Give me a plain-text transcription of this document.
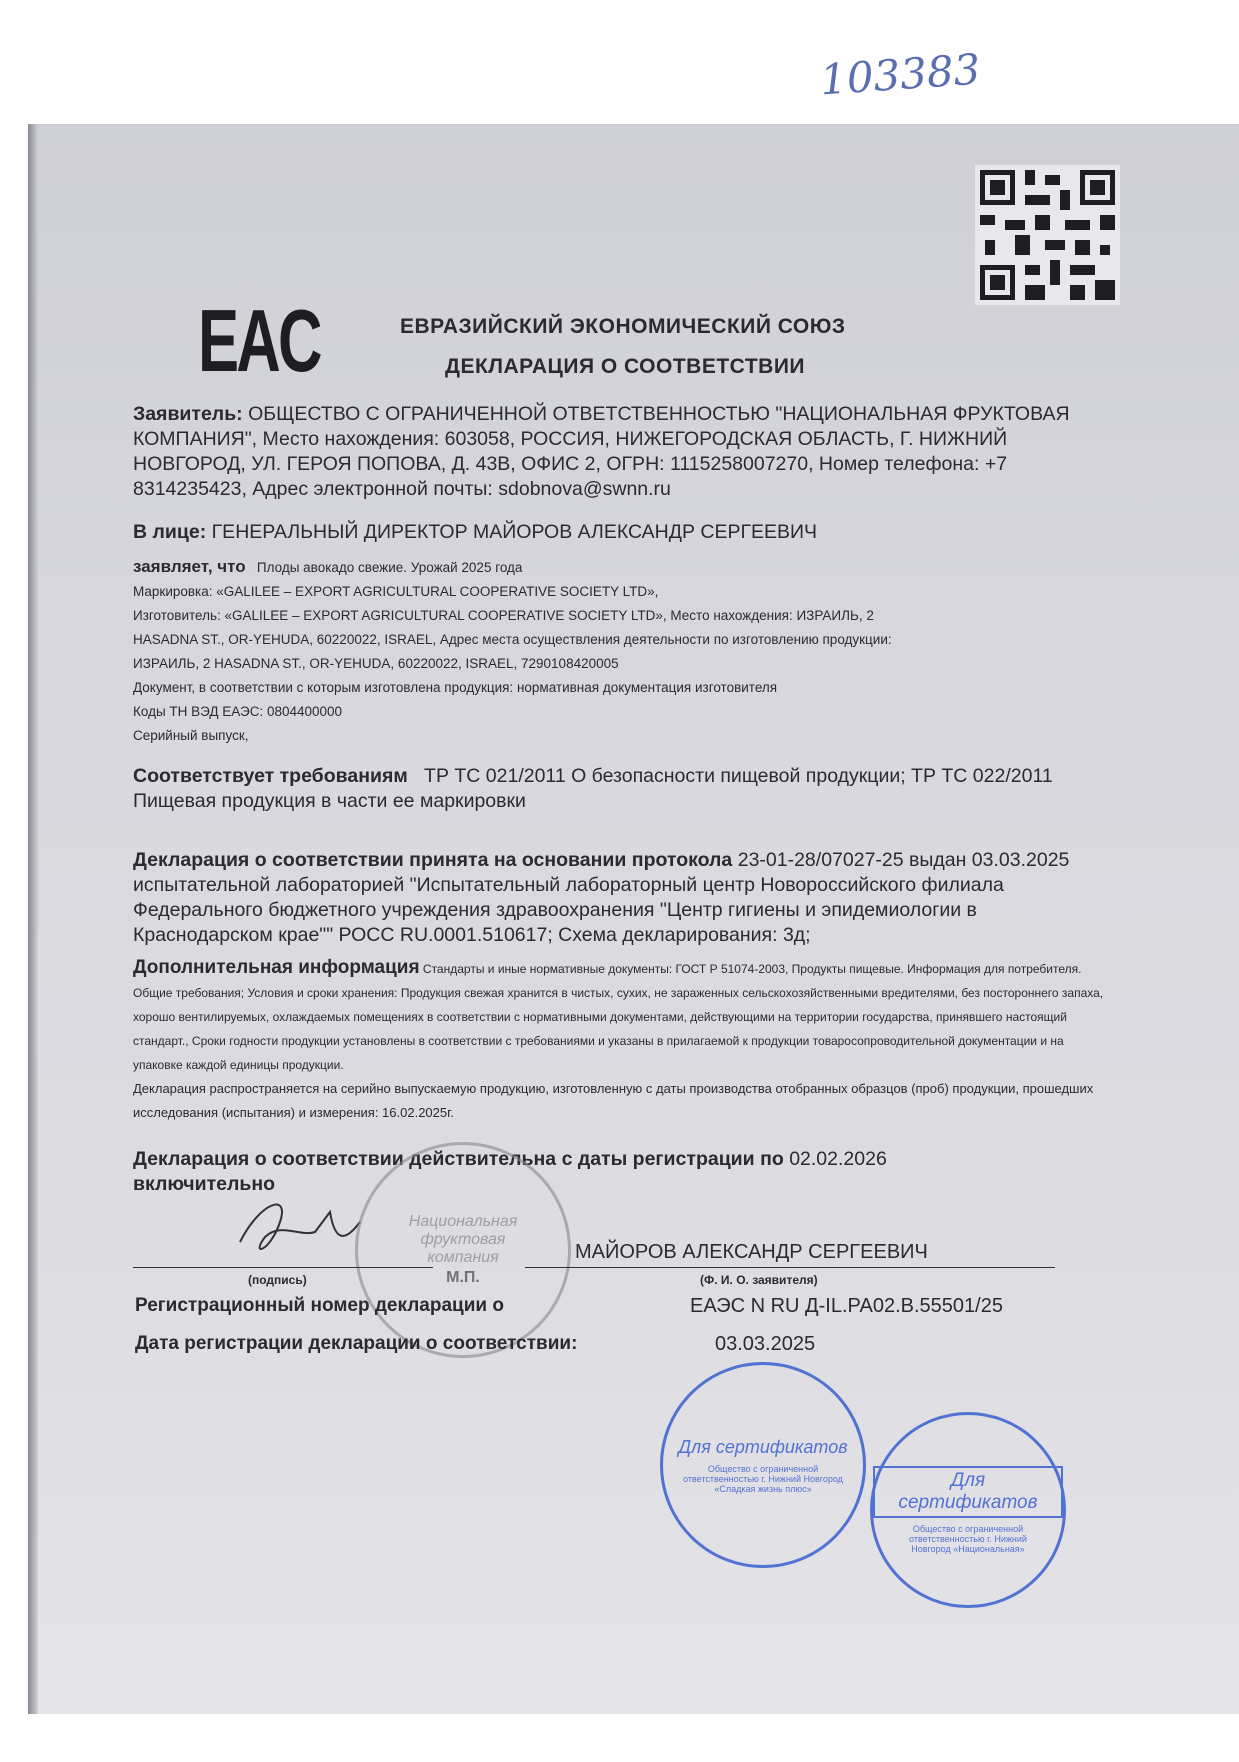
103383
EAC	ЕВРАЗИЙСКИЙ ЭКОНОМИЧЕСКИЙ СОЮЗ
ДЕКЛАРАЦИЯ О СООТВЕТСТВИИ

Заявитель: ОБЩЕСТВО С ОГРАНИЧЕННОЙ ОТВЕТСТВЕННОСТЬЮ "НАЦИОНАЛЬНАЯ ФРУКТОВАЯ КОМПАНИЯ", Место нахождения: 603058, РОССИЯ, НИЖЕГОРОДСКАЯ ОБЛАСТЬ, Г. НИЖНИЙ НОВГОРОД, УЛ. ГЕРОЯ ПОПОВА, Д. 43В, ОФИС 2, ОГРН: 1115258007270, Номер телефона: +7 8314235423, Адрес электронной почты: sdobnova@swnn.ru

В лице: ГЕНЕРАЛЬНЫЙ ДИРЕКТОР МАЙОРОВ АЛЕКСАНДР СЕРГЕЕВИЧ

заявляет, что Плоды авокадо свежие. Урожай 2025 года
Маркировка: «GALILEE – EXPORT AGRICULTURAL COOPERATIVE SOCIETY LTD»,
Изготовитель: «GALILEE – EXPORT AGRICULTURAL COOPERATIVE SOCIETY LTD», Место нахождения: ИЗРАИЛЬ, 2
HASADNA ST., OR-YEHUDA, 60220022, ISRAEL, Адрес места осуществления деятельности по изготовлению продукции:
ИЗРАИЛЬ, 2 HASADNA ST., OR-YEHUDA, 60220022, ISRAEL, 7290108420005
Документ, в соответствии с которым изготовлена продукция: нормативная документация изготовителя
Коды ТН ВЭД ЕАЭС: 0804400000
Серийный выпуск,

Соответствует требованиям ТР ТС 021/2011 О безопасности пищевой продукции; ТР ТС 022/2011 Пищевая продукция в части ее маркировки

Декларация о соответствии принята на основании протокола 23-01-28/07027-25 выдан 03.03.2025 испытательной лабораторией "Испытательный лабораторный центр Новороссийского филиала Федерального бюджетного учреждения здравоохранения "Центр гигиены и эпидемиологии в Краснодарском крае"" РОСС RU.0001.510617; Схема декларирования: 3д;

Дополнительная информация Стандарты и иные нормативные документы: ГОСТ Р 51074-2003, Продукты пищевые. Информация для потребителя. Общие требования; Условия и сроки хранения: Продукция свежая хранится в чистых, сухих, не зараженных сельскохозяйственными вредителями, без постороннего запаха, хорошо вентилируемых, охлаждаемых помещениях в соответствии с нормативными документами, действующими на территории государства, принявшего настоящий стандарт., Сроки годности продукции установлены в соответствии с требованиями и указаны в прилагаемой к продукции товаросопроводительной документации и на упаковке каждой единицы продукции.
Декларация распространяется на серийно выпускаемую продукцию, изготовленную с даты производства отобранных образцов (проб) продукции, прошедших исследования (испытания) и измерения: 16.02.2025г.

Декларация о соответствии действительна с даты регистрации по 02.02.2026
включительно

Национальная фруктовая компания
М.П.
МАЙОРОВ АЛЕКСАНДР СЕРГЕЕВИЧ
(подпись)	(Ф. И. О. заявителя)
Регистрационный номер декларации о	ЕАЭС N RU Д-IL.РА02.В.55501/25
Дата регистрации декларации о соответствии:	03.03.2025
Для сертификатов
Общество с ограниченной ответственностью г. Нижний Новгород «Сладкая жизнь плюс»	Для сертификатов
Общество с ограниченной ответственностью г. Нижний Новгород «Национальная»
